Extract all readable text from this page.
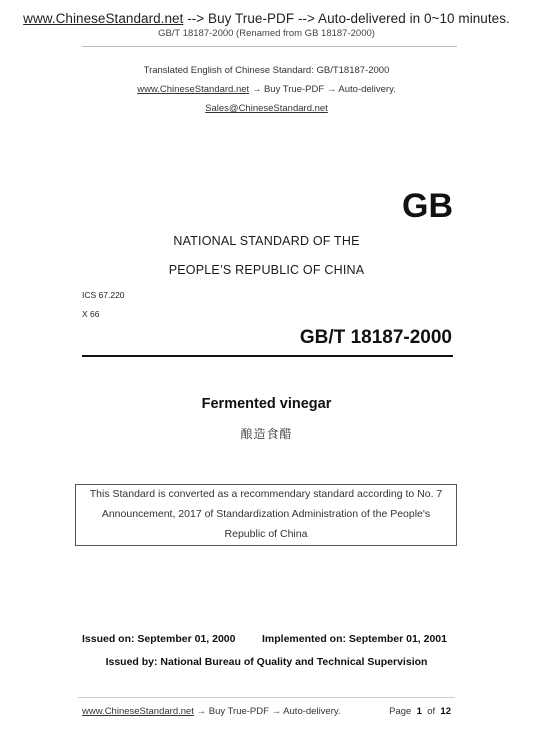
www.ChineseStandard.net --> Buy True-PDF --> Auto-delivered in 0~10 minutes.
GB/T 18187-2000 (Renamed from GB 18187-2000)
Translated English of Chinese Standard: GB/T18187-2000
www.ChineseStandard.net → Buy True-PDF → Auto-delivery.
Sales@ChineseStandard.net
GB
NATIONAL STANDARD OF THE
PEOPLE’S REPUBLIC OF CHINA
ICS 67.220
X 66
GB/T 18187-2000
Fermented vinegar
酿造食醋
This Standard is converted as a recommendary standard according to No. 7
Announcement, 2017 of Standardization Administration of the People's
Republic of China
Issued on: September 01, 2000	Implemented on: September 01, 2001
Issued by: National Bureau of Quality and Technical Supervision
www.ChineseStandard.net → Buy True-PDF → Auto-delivery.	Page 1 of 12
